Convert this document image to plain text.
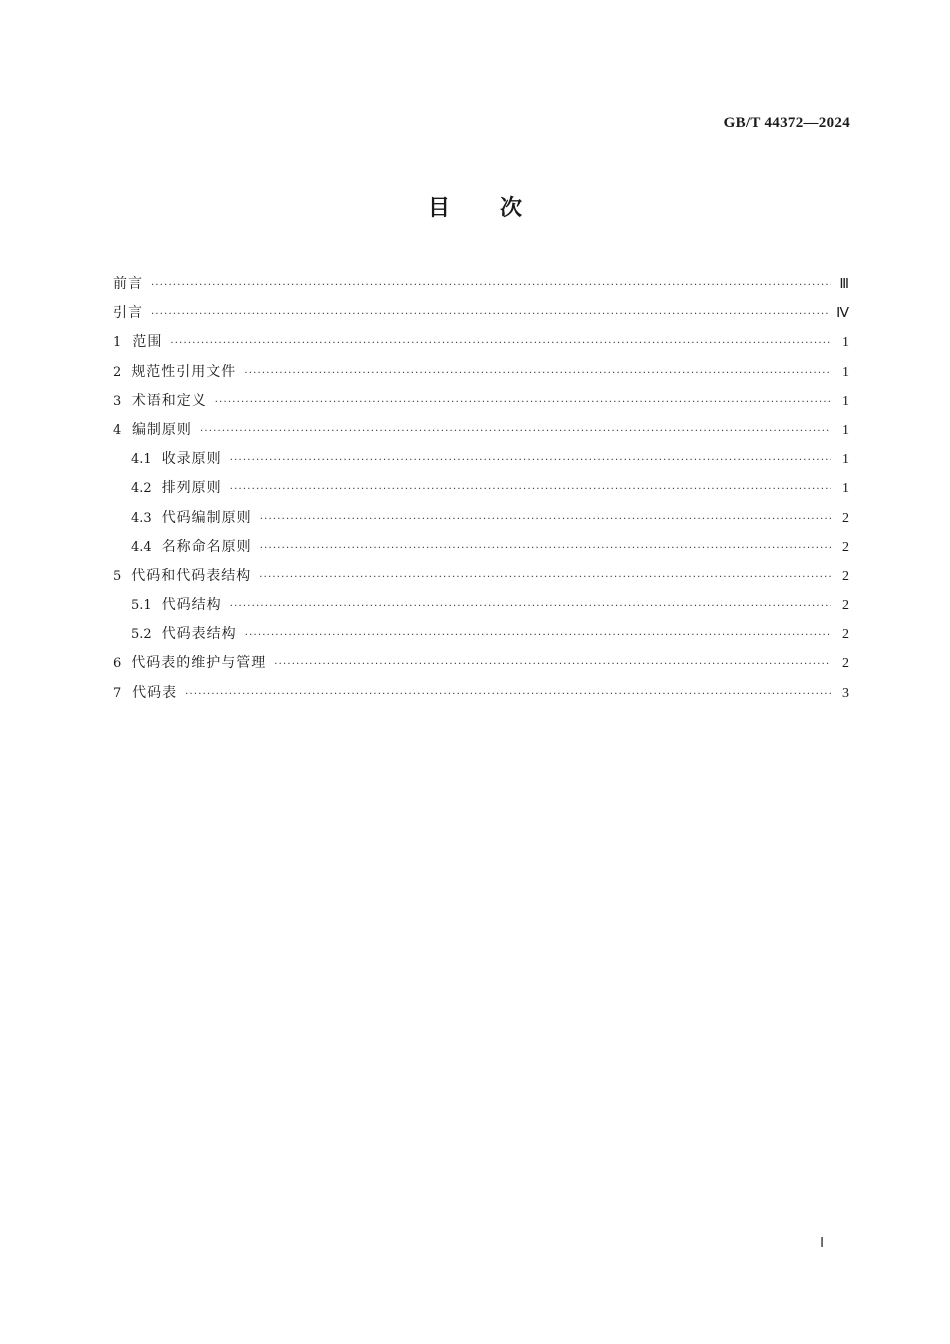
GB/T 44372—2024
目 次
前言 ·····	Ⅲ
引言 ·····	Ⅳ
1 范围 ·····	1
2 规范性引用文件 ·····	1
3 术语和定义 ·····	1
4 编制原则 ·····	1
4.1 收录原则 ·····	1
4.2 排列原则 ·····	1
4.3 代码编制原则 ·····	2
4.4 名称命名原则 ·····	2
5 代码和代码表结构 ·····	2
5.1 代码结构 ·····	2
5.2 代码表结构 ·····	2
6 代码表的维护与管理 ·····	2
7 代码表 ·····	3
Ⅰ
